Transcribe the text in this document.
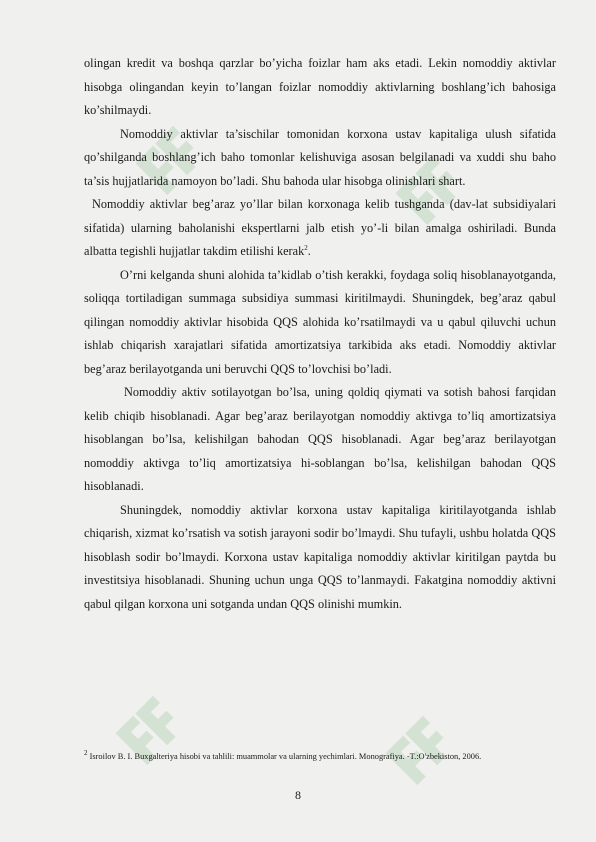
olingan kredit va boshqa qarzlar bo’yicha foizlar ham aks etadi. Lekin nomoddiy aktivlar hisobga olingandan keyin to’langan foizlar nomoddiy aktivlarning boshlang’ich bahosiga ko’shilmaydi.

Nomoddiy aktivlar ta’sischilar tomonidan korxona ustav kapitaliga ulush sifatida qo’shilganda boshlang’ich baho tomonlar kelishuviga asosan belgilanadi va xuddi shu baho ta’sis hujjatlarida namoyon bo’ladi. Shu bahoda ular hisobga olinishlari shart.

Nomoddiy aktivlar beg’araz yo’llar bilan korxonaga kelib tushganda (dav-lat subsidiyalari sifatida) ularning baholanishi ekspertlarni jalb etish yo’-li bilan amalga oshiriladi. Bunda albatta tegishli hujjatlar takdim etilishi kerak$^2$.

O’rni kelganda shuni alohida ta’kidlab o’tish kerakki, foydaga soliq hisoblanayotganda, soliqqa tortiladigan summaga subsidiya summasi kiritilmaydi. Shuningdek, beg’araz qabul qilingan nomoddiy aktivlar hisobida QQS alohida ko’rsatilmaydi va u qabul qiluvchi uchun ishlab chiqarish xarajatlari sifatida amortizatsiya tarkibida aks etadi. Nomoddiy aktivlar beg’araz berilayotganda uni beruvchi QQS to’lovchisi bo’ladi.

Nomoddiy aktiv sotilayotgan bo’lsa, uning qoldiq qiymati va sotish bahosi farqidan kelib chiqib hisoblanadi. Agar beg’araz berilayotgan nomoddiy aktivga to’liq amortizatsiya hisoblangan bo’lsa, kelishilgan bahodan QQS hisoblanadi. Agar beg’araz berilayotgan nomoddiy aktivga to’liq amortizatsiya hi-soblangan bo’lsa, kelishilgan bahodan QQS hisoblanadi.

Shuningdek, nomoddiy aktivlar korxona ustav kapitaliga kiritilayotganda ishlab chiqarish, xizmat ko’rsatish va sotish jarayoni sodir bo’lmaydi. Shu tufayli, ushbu holatda QQS hisoblash sodir bo’lmaydi. Korxona ustav kapitaliga nomoddiy aktivlar kiritilgan paytda bu investitsiya hisoblanadi. Shuning uchun unga QQS to’lanmaydi. Fakatgina nomoddiy aktivni qabul qilgan korxona uni sotganda undan QQS olinishi mumkin.

$^2$ Isroilov B. I. Buxgalteriya hisobi va tahlili: muammolar va ularning yechimlari. Monografiya. -T.:O'zbekiston, 2006.
8
